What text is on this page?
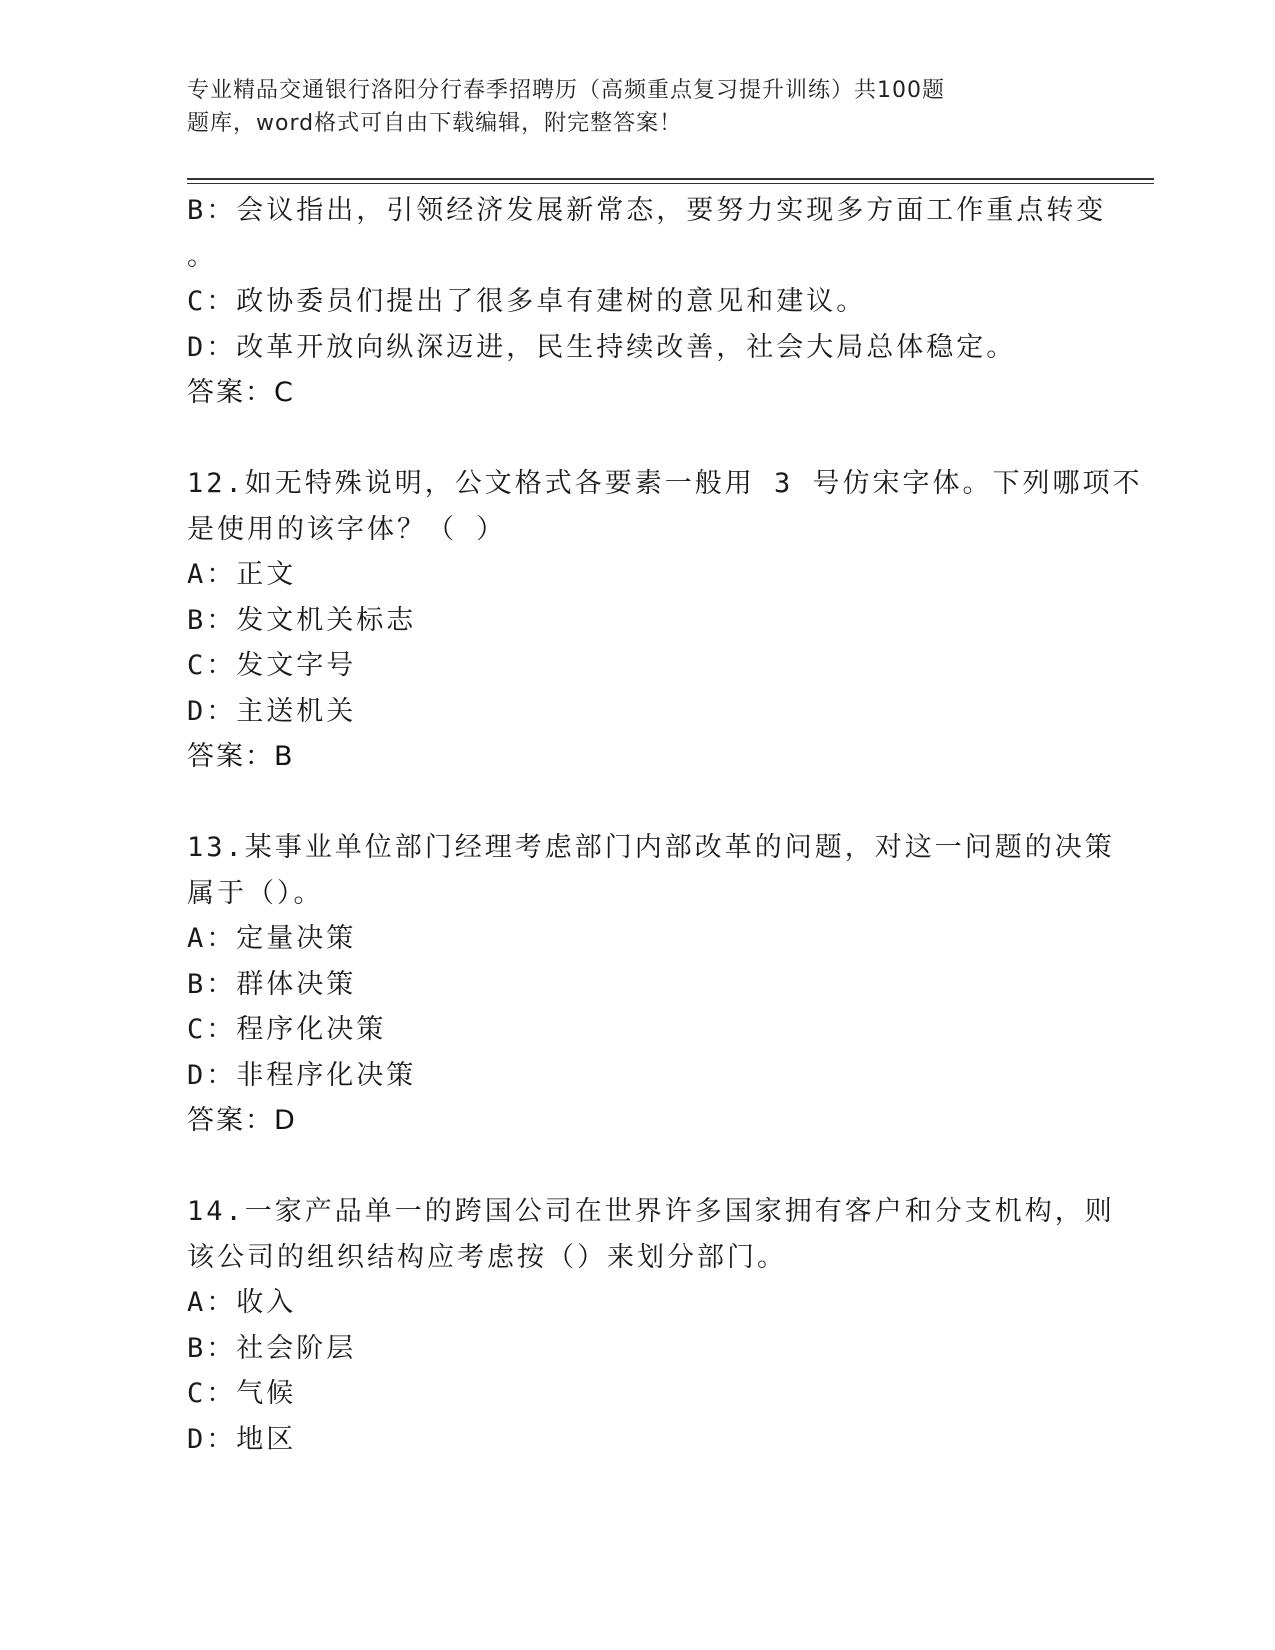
专业精品交通银行洛阳分行春季招聘历（高频重点复习提升训练）共100题
题库，word格式可自由下载编辑，附完整答案！
B：会议指出，引领经济发展新常态，要努力实现多方面工作重点转变
。
C：政协委员们提出了很多卓有建树的意见和建议。
D：改革开放向纵深迈进，民生持续改善，社会大局总体稳定。
答案：C
12.如无特殊说明，公文格式各要素一般用 3 号仿宋字体。下列哪项不
是使用的该字体？（ ）
A：正文
B：发文机关标志
C：发文字号
D：主送机关
答案：B
13.某事业单位部门经理考虑部门内部改革的问题，对这一问题的决策
属于（）。
A：定量决策
B：群体决策
C：程序化决策
D：非程序化决策
答案：D
14.一家产品单一的跨国公司在世界许多国家拥有客户和分支机构，则
该公司的组织结构应考虑按（）来划分部门。
A：收入
B：社会阶层
C：气候
D：地区
